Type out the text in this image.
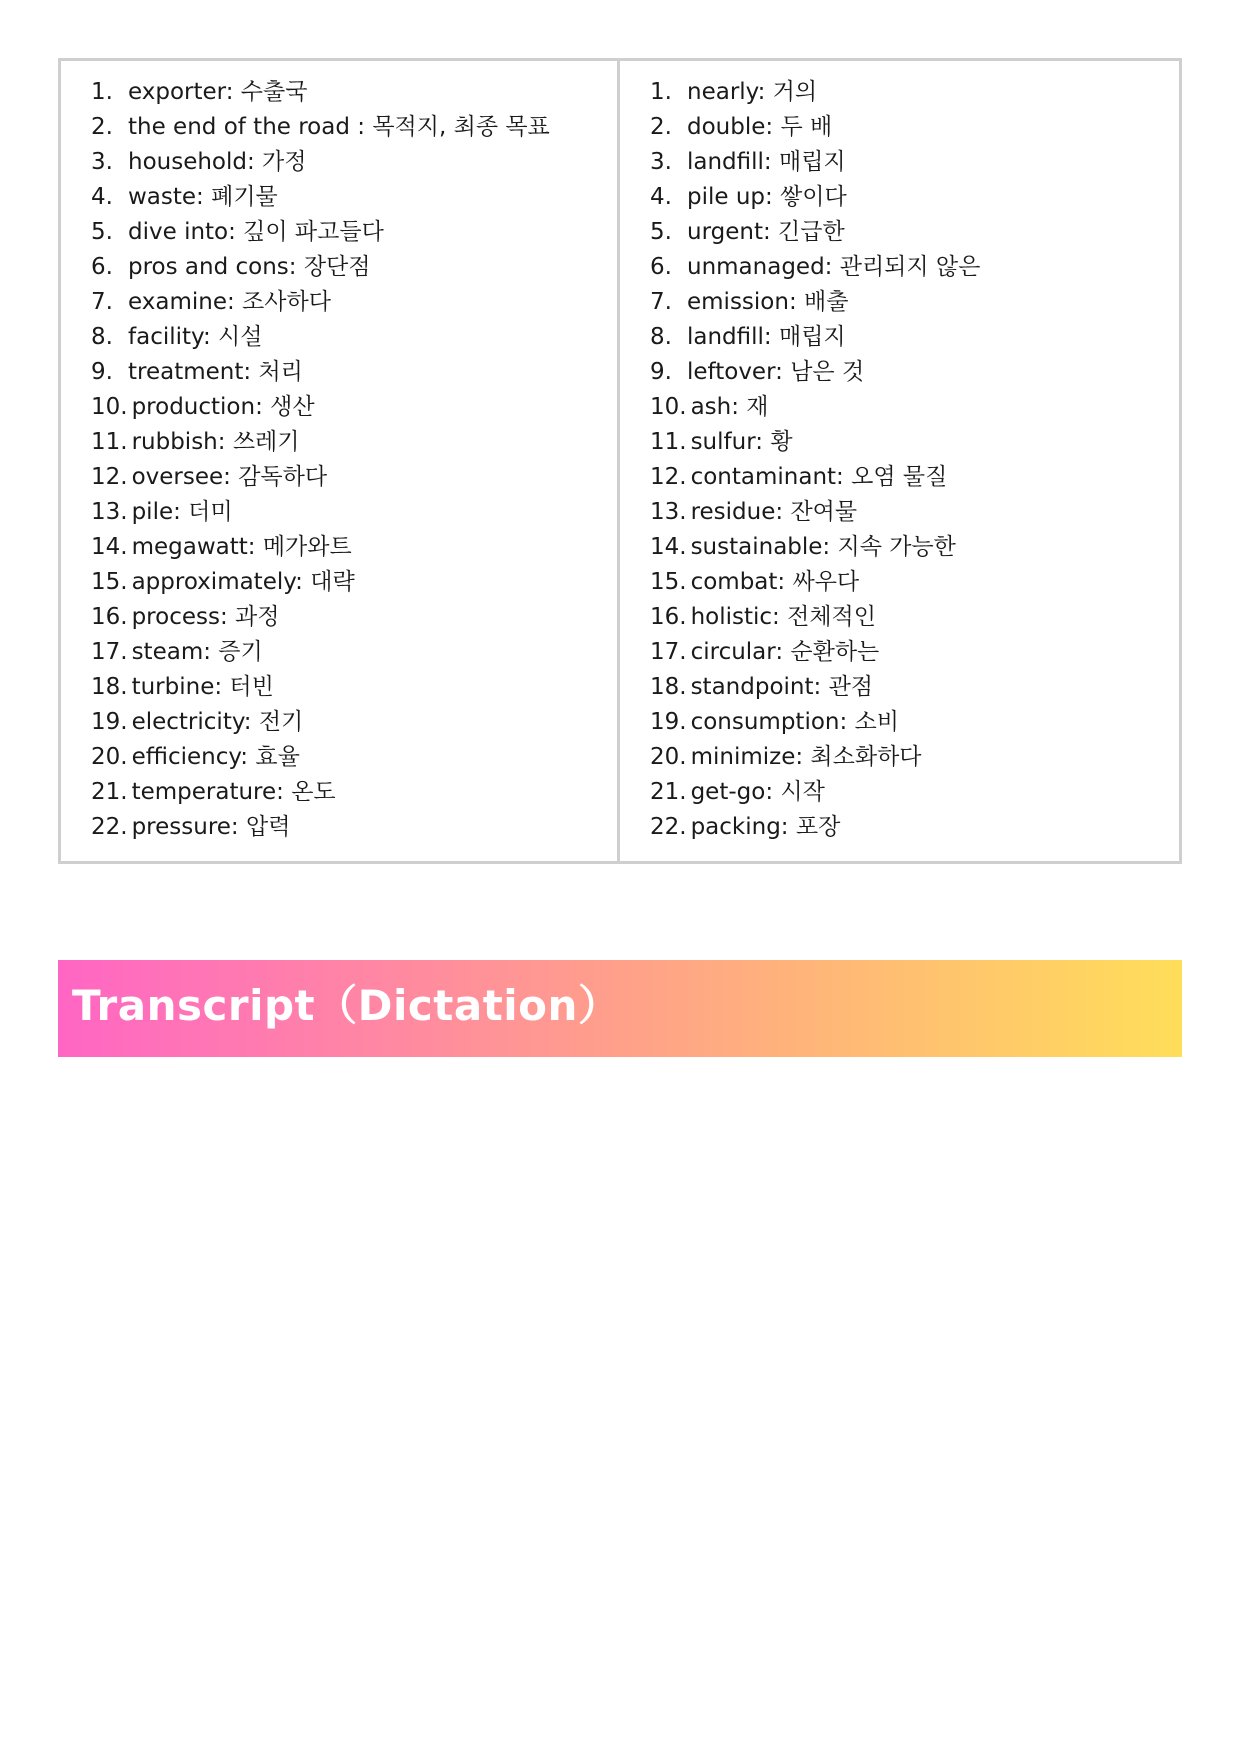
1. exporter: 수출국
2. the end of the road : 목적지, 최종 목표
3. household: 가정
4. waste: 폐기물
5. dive into: 깊이 파고들다
6. pros and cons: 장단점
7. examine: 조사하다
8. facility: 시설
9. treatment: 처리
10. production: 생산
11. rubbish: 쓰레기
12. oversee: 감독하다
13. pile: 더미
14. megawatt: 메가와트
15. approximately: 대략
16. process: 과정
17. steam: 증기
18. turbine: 터빈
19. electricity: 전기
20. efficiency: 효율
21. temperature: 온도
22. pressure: 압력
1. nearly: 거의
2. double: 두 배
3. landfill: 매립지
4. pile up: 쌓이다
5. urgent: 긴급한
6. unmanaged: 관리되지 않은
7. emission: 배출
8. landfill: 매립지
9. leftover: 남은 것
10. ash: 재
11. sulfur: 황
12. contaminant: 오염 물질
13. residue: 잔여물
14. sustainable: 지속 가능한
15. combat: 싸우다
16. holistic: 전체적인
17. circular: 순환하는
18. standpoint: 관점
19. consumption: 소비
20. minimize: 최소화하다
21. get-go: 시작
22. packing: 포장
Transcript（Dictation）
